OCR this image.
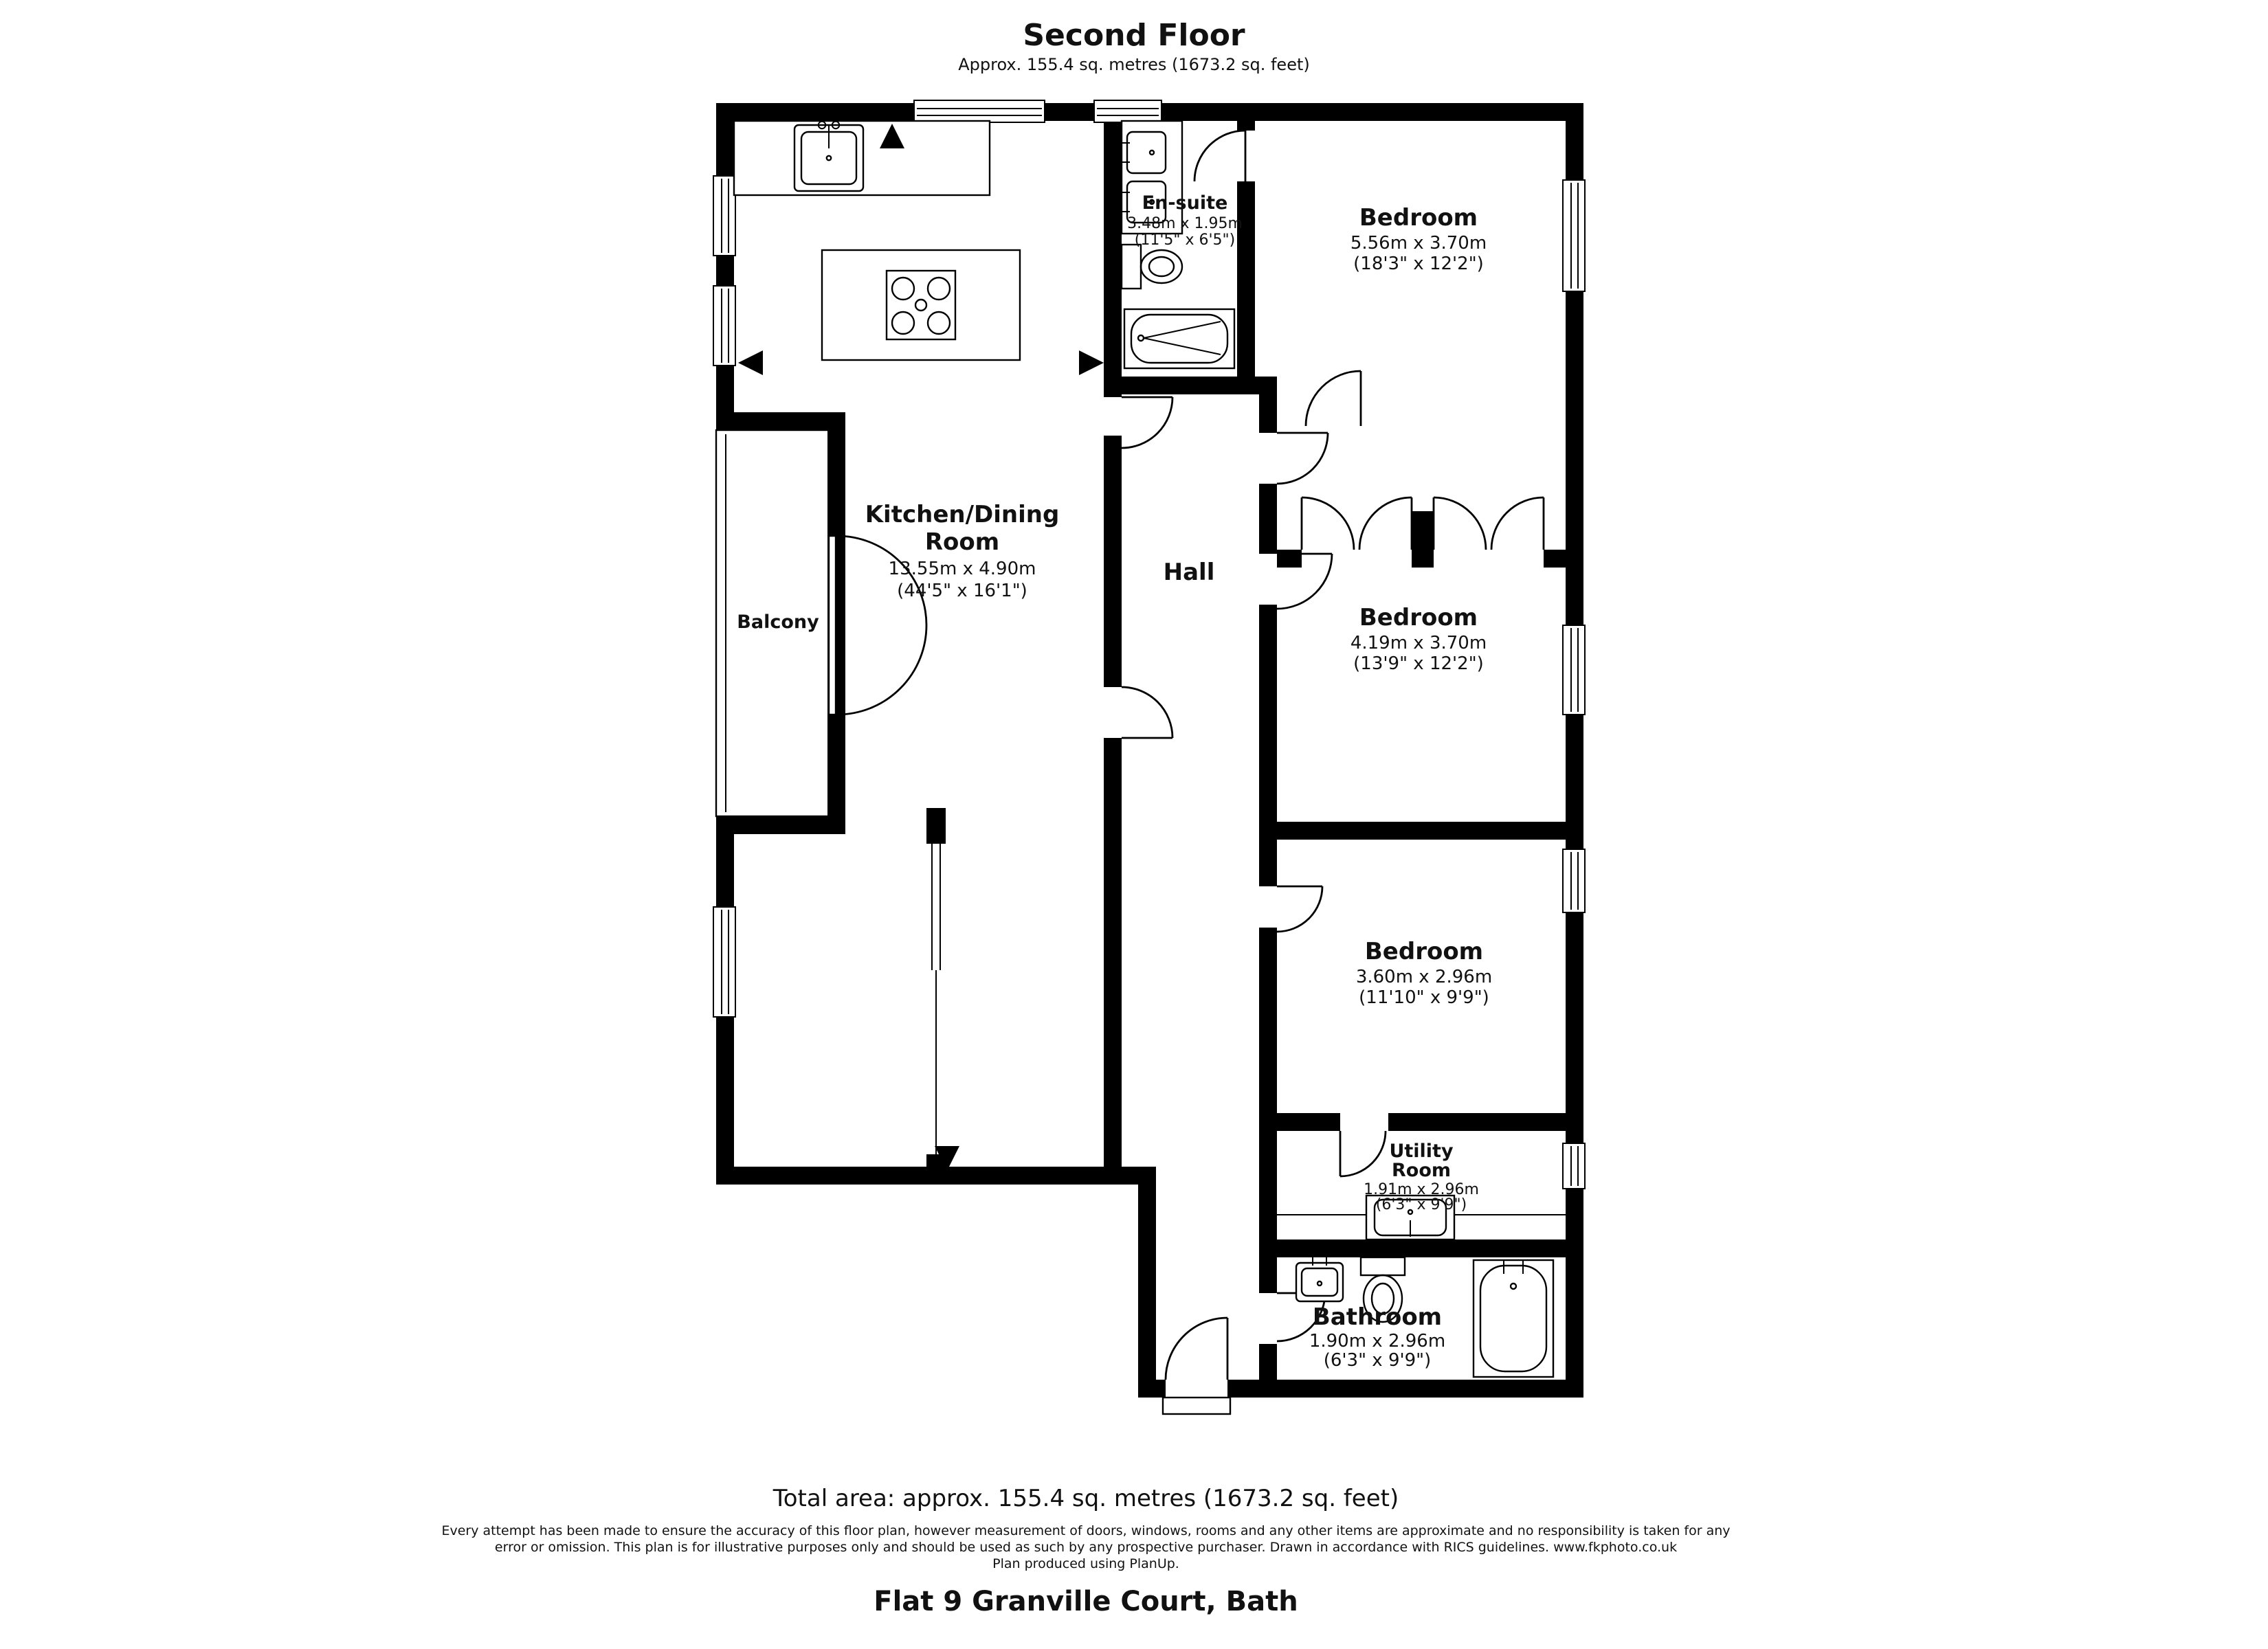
Second Floor
Approx. 155.4 sq. metres (1673.2 sq. feet)
Kitchen/Dining
Room
13.55m x 4.90m
(44'5" x 16'1")
En-suite
3.48m x 1.95m
(11'5" x 6'5")
Bedroom
5.56m x 3.70m
(18'3" x 12'2")
Hall
Balcony	Bedroom
4.19m x 3.70m
(13'9" x 12'2")
Bedroom
3.60m x 2.96m
(11'10" x 9'9")
Utility
Room
1.91m x 2.96m
(6'3" x 9'9")
Bathroom
1.90m x 2.96m
(6'3" x 9'9")
Total area: approx. 155.4 sq. metres (1673.2 sq. feet)
Every attempt has been made to ensure the accuracy of this floor plan, however measurement of doors, windows, rooms and any other items are approximate and no responsibility is taken for any
error or omission. This plan is for illustrative purposes only and should be used as such by any prospective purchaser. Drawn in accordance with RICS guidelines. www.fkphoto.co.uk
Plan produced using PlanUp.
Flat 9 Granville Court, Bath
